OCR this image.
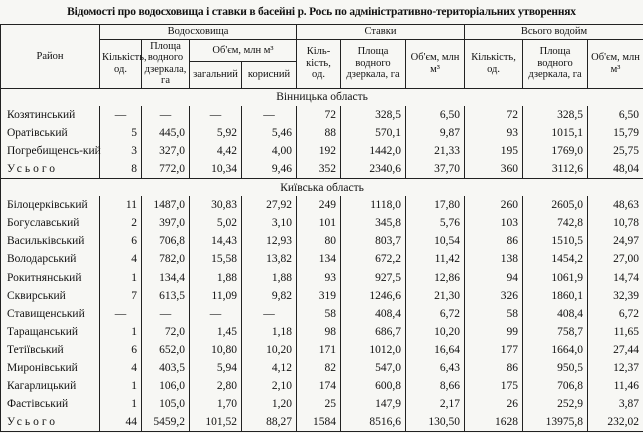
Відомості про водосховища і ставки в басейні р. Рось по адміністративно-територіальних утвореннях
Район	Водосховища				Ставки			Всього водойм		
	Кількість, од.	Площа водного дзеркала, га	Об'єм, млн м³		Кіль-кість, од.	Площа водного дзеркала, га	Об'єм, млн м³	Кількість, од.	Площа водного дзеркала, га	Об'єм, млн м³
			загальний	корисний						
Вінницька область										
Козятинський	—	—	—	—	72	328,5	6,50	72	328,5	6,50
Оратівський	5	445,0	5,92	5,46	88	570,1	9,87	93	1015,1	15,79
Погребищенсь-кий	3	327,0	4,42	4,00	192	1442,0	21,33	195	1769,0	25,75
Усього	8	772,0	10,34	9,46	352	2340,6	37,70	360	3112,6	48,04
Київська область										
Білоцерківський	11	1487,0	30,83	27,92	249	1118,0	17,80	260	2605,0	48,63
Богуславський	2	397,0	5,02	3,10	101	345,8	5,76	103	742,8	10,78
Васильківський	6	706,8	14,43	12,93	80	803,7	10,54	86	1510,5	24,97
Володарський	4	782,0	15,58	13,82	134	672,2	11,42	138	1454,2	27,00
Рокитнянський	1	134,4	1,88	1,88	93	927,5	12,86	94	1061,9	14,74
Сквирський	7	613,5	11,09	9,82	319	1246,6	21,30	326	1860,1	32,39
Ставищенський	—	—	—	—	58	408,4	6,72	58	408,4	6,72
Таращанський	1	72,0	1,45	1,18	98	686,7	10,20	99	758,7	11,65
Тетіївський	6	652,0	10,80	10,20	171	1012,0	16,64	177	1664,0	27,44
Миронівський	4	403,5	5,94	4,12	82	547,0	6,43	86	950,5	12,37
Кагарлицький	1	106,0	2,80	2,10	174	600,8	8,66	175	706,8	11,46
Фастівський	1	105,0	1,70	1,20	25	147,9	2,17	26	252,9	3,87
Усього	44	5459,2	101,52	88,27	1584	8516,6	130,50	1628	13975,8	232,02
